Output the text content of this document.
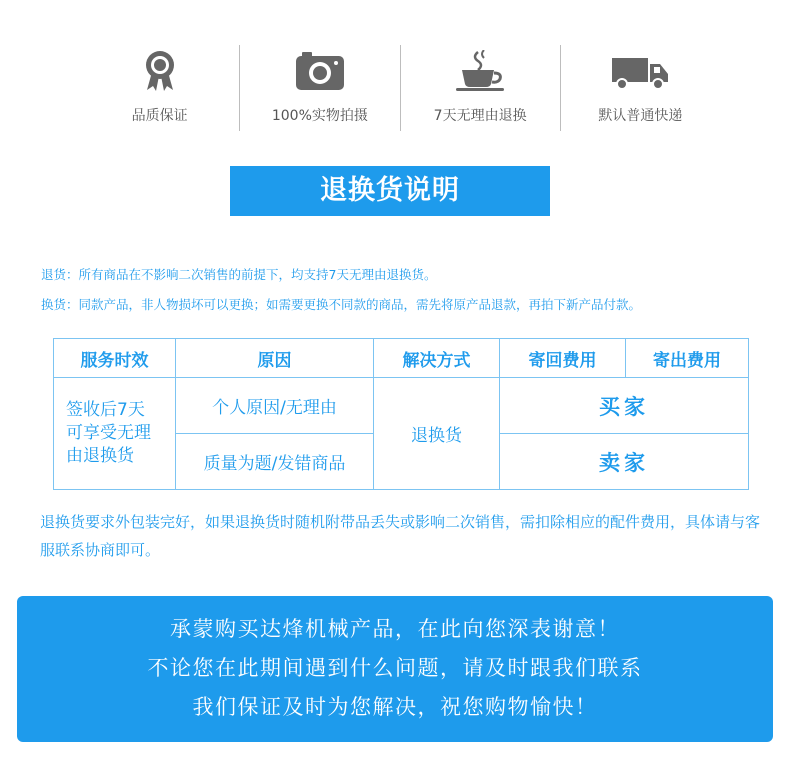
品质保证	100%实物拍摄	7天无理由退换	默认普通快递
退换货说明
退货：所有商品在不影响二次销售的前提下，均支持7天无理由退换货。
换货：同款产品，非人物损坏可以更换；如需要更换不同款的商品，需先将原产品退款，再拍下新产品付款。
服务时效	原因	解决方式	寄回费用	寄出费用

签收后7天
可享受无理
由退换货	个人原因/无理由	退换货	买家	
	质量为题/发错商品		卖家	
退换货要求外包装完好，如果退换货时随机附带品丢失或影响二次销售，需扣除相应的配件费用，具体请与客服联系协商即可。
承蒙购买达烽机械产品，在此向您深表谢意！
不论您在此期间遇到什么问题，请及时跟我们联系
我们保证及时为您解决，祝您购物愉快！
